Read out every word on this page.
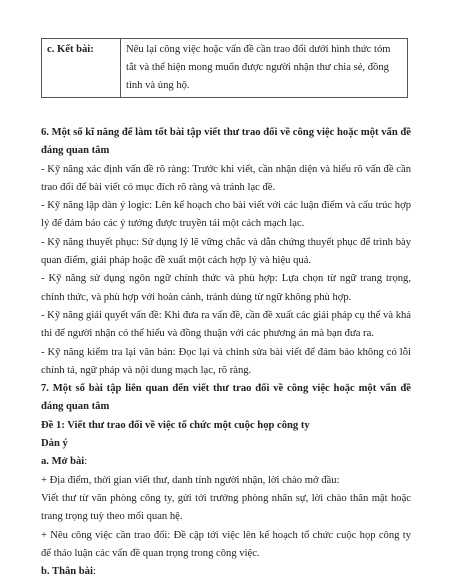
c. Kết bài:	Nêu lại công việc hoặc vấn đề cần trao đổi dưới hình thức tóm tắt và thể hiện mong muốn được người nhận thư chia sẻ, đồng tình và ủng hộ.

6. Một số kĩ năng để làm tốt bài tập viết thư trao đổi về công việc hoặc một vấn đề đáng quan tâm

- Kỹ năng xác định vấn đề rõ ràng: Trước khi viết, cần nhận diện và hiểu rõ vấn đề cần trao đổi để bài viết có mục đích rõ ràng và tránh lạc đề.

- Kỹ năng lập dàn ý logic: Lên kế hoạch cho bài viết với các luận điểm và cấu trúc hợp lý để đảm bảo các ý tưởng được truyền tải một cách mạch lạc.

- Kỹ năng thuyết phục: Sử dụng lý lẽ vững chắc và dẫn chứng thuyết phục để trình bày quan điểm, giải pháp hoặc đề xuất một cách hợp lý và hiệu quả.

- Kỹ năng sử dụng ngôn ngữ chính thức và phù hợp: Lựa chọn từ ngữ trang trọng, chính thức, và phù hợp với hoàn cảnh, tránh dùng từ ngữ không phù hợp.

- Kỹ năng giải quyết vấn đề: Khi đưa ra vấn đề, cần đề xuất các giải pháp cụ thể và khả thi để người nhận có thể hiểu và đồng thuận với các phương án mà bạn đưa ra.

- Kỹ năng kiểm tra lại văn bản: Đọc lại và chỉnh sửa bài viết để đảm bảo không có lỗi chính tả, ngữ pháp và nội dung mạch lạc, rõ ràng.

7. Một số bài tập liên quan đến viết thư trao đổi về công việc hoặc một vấn đề đáng quan tâm

Đề 1: Viết thư trao đổi về việc tổ chức một cuộc họp công ty

Dàn ý

a. Mở bài:

+ Địa điểm, thời gian viết thư, danh tính người nhận, lời chào mở đầu:

Viết thư từ văn phòng công ty, gửi tới trưởng phòng nhân sự, lời chào thân mật hoặc trang trọng tuỳ theo mối quan hệ.

+ Nêu công việc cần trao đổi: Đề cập tới việc lên kế hoạch tổ chức cuộc họp công ty để thảo luận các vấn đề quan trọng trong công việc.

b. Thân bài:
